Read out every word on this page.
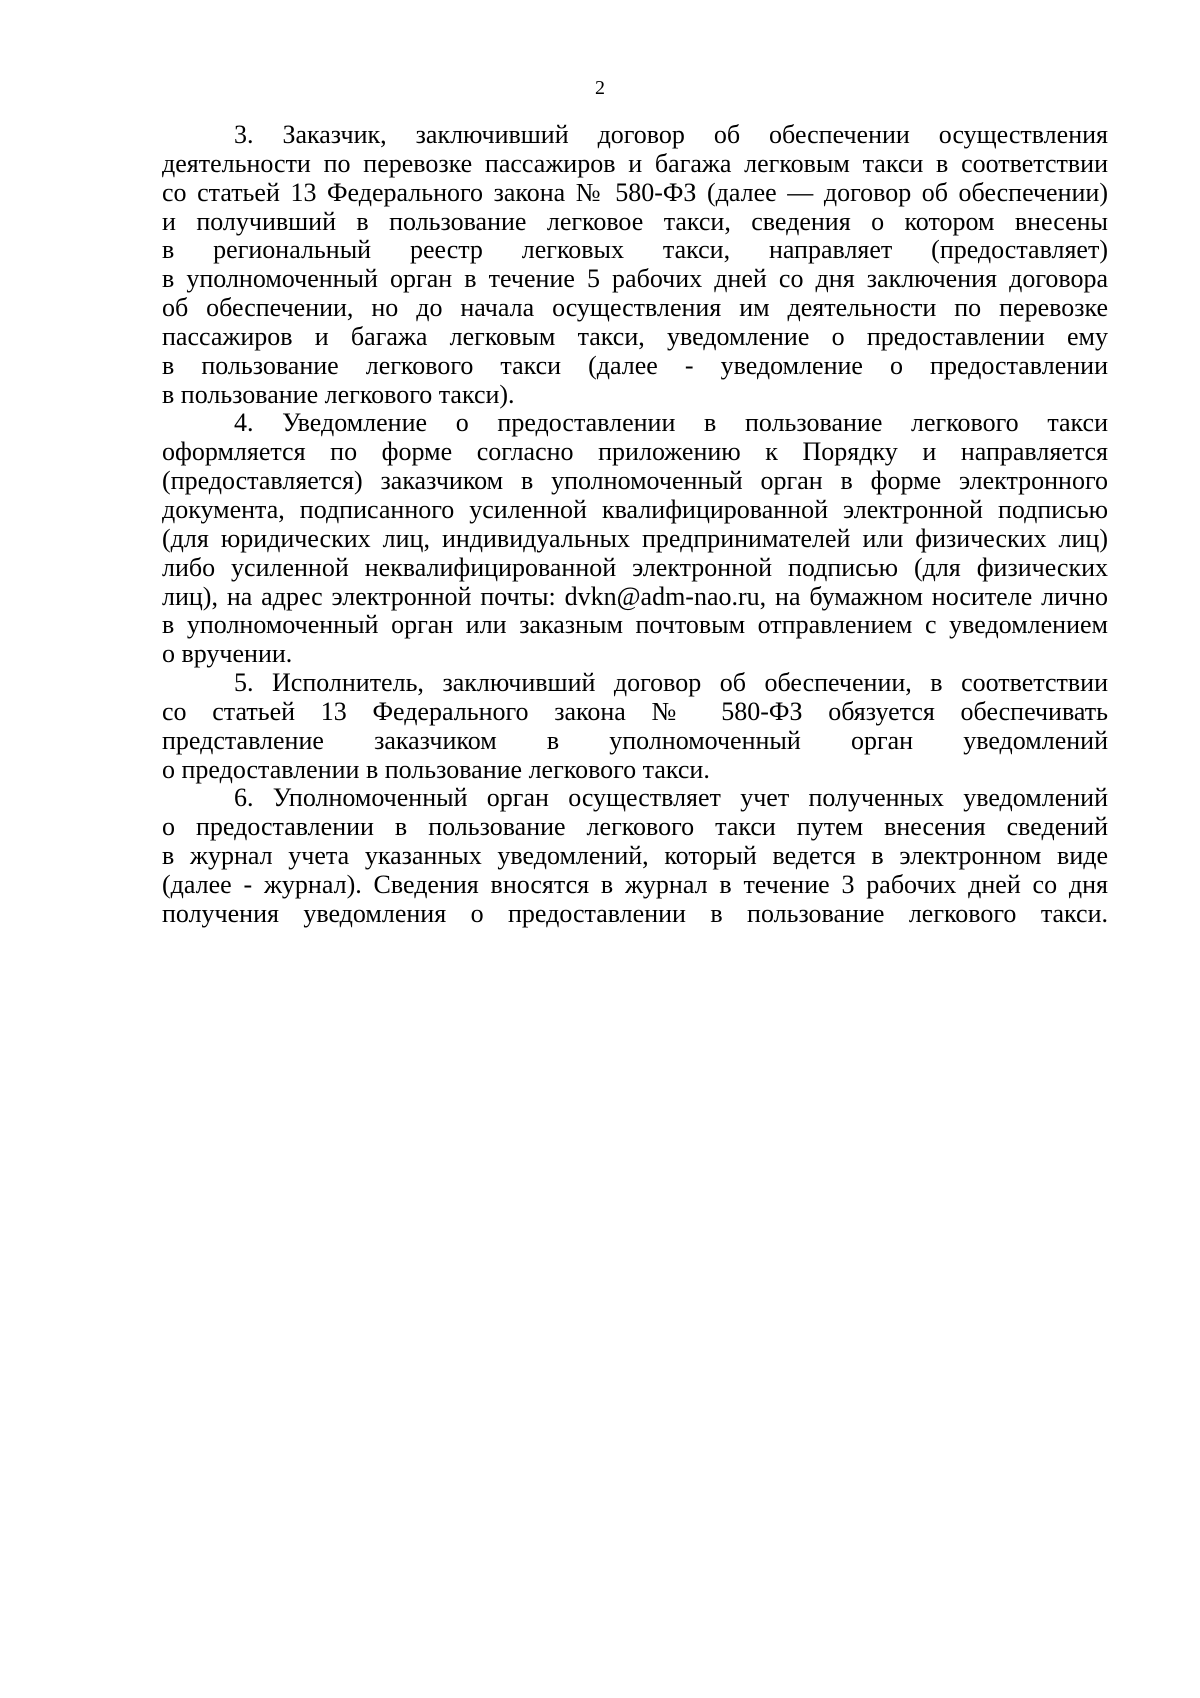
2
3. Заказчик, заключивший договор об обеспечении осуществления
деятельности по перевозке пассажиров и багажа легковым такси в соответствии
со статьей 13 Федерального закона № 580-ФЗ (далее — договор об обеспечении)
и получивший в пользование легковое такси, сведения о котором внесены
в региональный реестр легковых такси, направляет (предоставляет)
в уполномоченный орган в течение 5 рабочих дней со дня заключения договора
об обеспечении, но до начала осуществления им деятельности по перевозке
пассажиров и багажа легковым такси, уведомление о предоставлении ему
в пользование легкового такси (далее - уведомление о предоставлении
в пользование легкового такси).
4. Уведомление о предоставлении в пользование легкового такси
оформляется по форме согласно приложению к Порядку и направляется
(предоставляется) заказчиком в уполномоченный орган в форме электронного
документа, подписанного усиленной квалифицированной электронной подписью
(для юридических лиц, индивидуальных предпринимателей или физических лиц)
либо усиленной неквалифицированной электронной подписью (для физических
лиц), на адрес электронной почты: dvkn@adm-nao.ru, на бумажном носителе лично
в уполномоченный орган или заказным почтовым отправлением с уведомлением
о вручении.
5. Исполнитель, заключивший договор об обеспечении, в соответствии
со статьей 13 Федерального закона № 580-ФЗ обязуется обеспечивать
представление заказчиком в уполномоченный орган уведомлений
о предоставлении в пользование легкового такси.
6. Уполномоченный орган осуществляет учет полученных уведомлений
о предоставлении в пользование легкового такси путем внесения сведений
в журнал учета указанных уведомлений, который ведется в электронном виде
(далее - журнал). Сведения вносятся в журнал в течение 3 рабочих дней со дня
получения уведомления о предоставлении в пользование легкового такси.
